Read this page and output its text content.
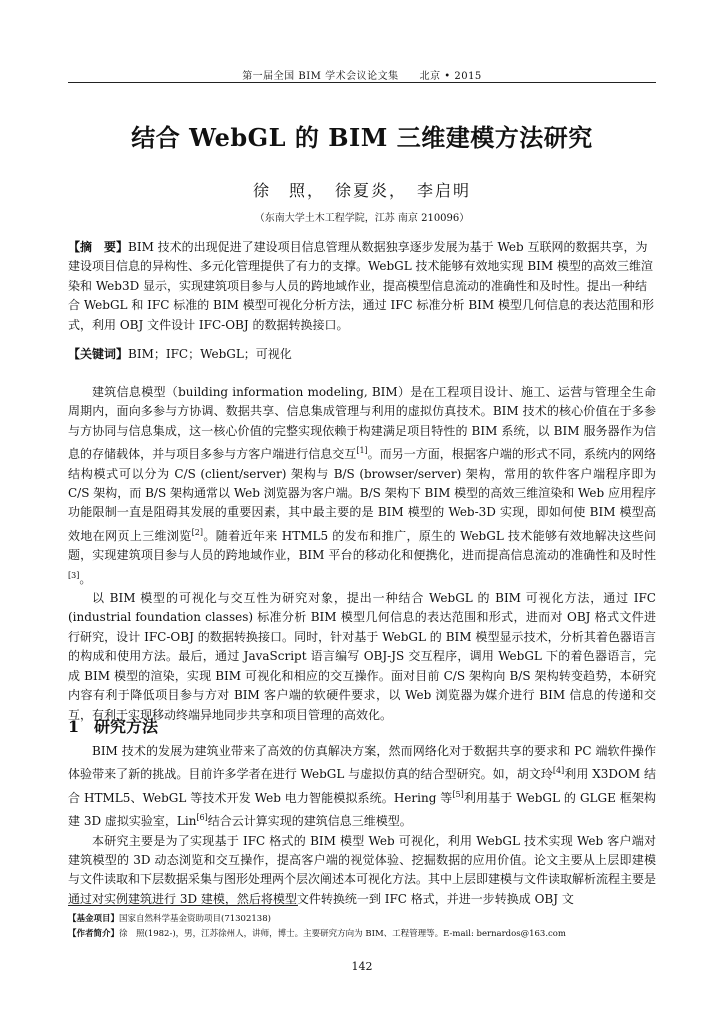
第一届全国 BIM 学术会议论文集　　北京 • 2015
结合 WebGL 的 BIM 三维建模方法研究
徐　照，　徐夏炎，　李启明
（东南大学土木工程学院，江苏 南京 210096）
【摘　要】BIM 技术的出现促进了建设项目信息管理从数据独享逐步发展为基于 Web 互联网的数据共享，为建设项目信息的异构性、多元化管理提供了有力的支撑。WebGL 技术能够有效地实现 BIM 模型的高效三维渲染和 Web3D 显示，实现建筑项目参与人员的跨地域作业，提高模型信息流动的准确性和及时性。提出一种结合 WebGL 和 IFC 标准的 BIM 模型可视化分析方法，通过 IFC 标准分析 BIM 模型几何信息的表达范围和形式，利用 OBJ 文件设计 IFC-OBJ 的数据转换接口。
【关键词】BIM；IFC；WebGL；可视化

建筑信息模型（building information modeling, BIM）是在工程项目设计、施工、运营与管理全生命周期内，面向多参与方协调、数据共享、信息集成管理与利用的虚拟仿真技术。BIM 技术的核心价值在于多参与方协同与信息集成，这一核心价值的完整实现依赖于构建满足项目特性的 BIM 系统，以 BIM 服务器作为信息的存储载体，并与项目多参与方客户端进行信息交互[1]。而另一方面，根据客户端的形式不同，系统内的网络结构模式可以分为 C/S (client/server) 架构与 B/S (browser/server) 架构，常用的软件客户端程序即为 C/S 架构，而 B/S 架构通常以 Web 浏览器为客户端。B/S 架构下 BIM 模型的高效三维渲染和 Web 应用程序功能限制一直是阻碍其发展的重要因素，其中最主要的是 BIM 模型的 Web-3D 实现，即如何使 BIM 模型高效地在网页上三维浏览[2]。随着近年来 HTML5 的发布和推广，原生的 WebGL 技术能够有效地解决这些问题，实现建筑项目参与人员的跨地域作业，BIM 平台的移动化和便携化，进而提高信息流动的准确性和及时性[3]。

以 BIM 模型的可视化与交互性为研究对象，提出一种结合 WebGL 的 BIM 可视化方法，通过 IFC (industrial foundation classes) 标准分析 BIM 模型几何信息的表达范围和形式，进而对 OBJ 格式文件进行研究，设计 IFC-OBJ 的数据转换接口。同时，针对基于 WebGL 的 BIM 模型显示技术，分析其着色器语言的构成和使用方法。最后，通过 JavaScript 语言编写 OBJ-JS 交互程序，调用 WebGL 下的着色器语言，完成 BIM 模型的渲染，实现 BIM 可视化和相应的交互操作。面对目前 C/S 架构向 B/S 架构转变趋势，本研究内容有利于降低项目参与方对 BIM 客户端的软硬件要求，以 Web 浏览器为媒介进行 BIM 信息的传递和交互，有利于实现移动终端异地同步共享和项目管理的高效化。

1 研究方法

BIM 技术的发展为建筑业带来了高效的仿真解决方案，然而网络化对于数据共享的要求和 PC 端软件操作体验带来了新的挑战。目前许多学者在进行 WebGL 与虚拟仿真的结合型研究。如，胡文玲[4]利用 X3DOM 结合 HTML5、WebGL 等技术开发 Web 电力智能模拟系统。Hering 等[5]利用基于 WebGL 的 GLGE 框架构建 3D 虚拟实验室，Lin[6]结合云计算实现的建筑信息三维模型。

本研究主要是为了实现基于 IFC 格式的 BIM 模型 Web 可视化，利用 WebGL 技术实现 Web 客户端对建筑模型的 3D 动态浏览和交互操作，提高客户端的视觉体验、挖掘数据的应用价值。论文主要从上层即建模与文件读取和下层数据采集与图形处理两个层次阐述本可视化方法。其中上层即建模与文件读取解析流程主要是通过对实例建筑进行 3D 建模，然后将模型文件转换统一到 IFC 格式，并进一步转换成 OBJ 文

【基金项目】国家自然科学基金资助项目(71302138)
【作者简介】徐　照(1982-)，男，江苏徐州人，讲师，博士。主要研究方向为 BIM、工程管理等。E-mail: bernardos@163.com
142
